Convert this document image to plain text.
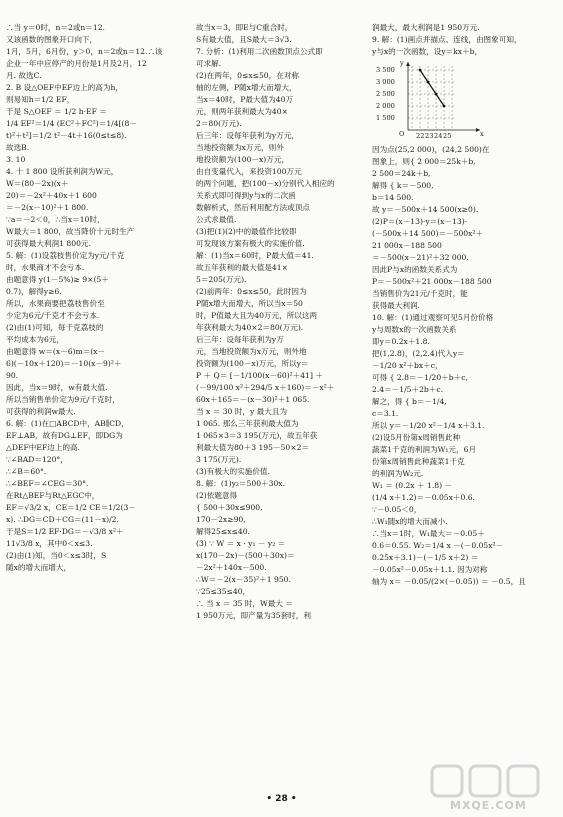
∴当 y＝0时，n＝2或n＝12.
又该函数的图象开口向下，
1月，5月，6月份，y＞0，n＝2或n＝12.∴该
企业一年中应停产的月份是1月及2月，12
月. 故选C.
2. B 设△OEF中EF边上的高为h，
则易知h＝1/2 EF，
于是 S△OEF ＝ 1/2 h·EF ＝
1/4 EF²＝1/4 (EC²＋FC²)＝1/4[(8－
t)²＋t²]＝1/2 t²－4t＋16(0≤t≤8).
故选B.
3. 10
4. 十 1 800 设所获利润为W元，
W＝(80－2x)(x＋
20)＝－2x²＋40x＋1 600
＝－2(x－10)²＋1 800.
∵a＝－2＜0，∴当x＝10时，
W最大＝1 800，故当降价十元时生产
可获得最大利润1 800元.
5. 解：(1)设荔枝售价定为y元/千克
时，水果商才不会亏本.
由题意得 y(1－5%)≥ 9×(5＋
0.7)，解得y≥6.
所以，水果商要把荔枝售价至
少定为6元/千克才不会亏本.
(2)由(1)可知，每千克荔枝的
平均成本为6元，
由题意得 w＝(x－6)m＝(x－
6)(－10x＋120)＝－10(x－9)²＋
90.
因此，当x＝9时，w有最大值.
所以当销售单价定为9元/千克时，
可获得的利润w最大.
6. 解：(1)在□ABCD中，AB∥CD，
EF⊥AB，故有DG⊥EF，即DG为
△DEF中EF边上的高.
∵∠BAD＝120°，
∴∠B＝60°.
∴∠BEF＝∠CEG＝30°.
在Rt△BEF与Rt△EGC中，
EF＝√3/2 x，CE＝1/2 CE＝1/2(3－
x). ∴DG＝CD＋CG＝(11－x)/2.
于是S＝1/2 EF·DG＝－√3/8 x²＋
11√3/8 x，其中0＜x≤3.
(2)由(1)知，当0＜x≤3时，S
随x的增大而增大，
故当x＝3，即E与C重合时，
S有最大值，且S最大＝3√3.
7. 分析：(1)利用二次函数顶点公式即
可求解.
(2)在两年，0≤x≤50，在对称
轴的左侧，P随x增大而增大，
当x＝40时，P最大值为40万
元，则两年获利最大为40×
2＝80(万元).
后三年：设每年获利为y万元，
当地投资额为x万元，则外
地投资额为(100－x)万元，
由自变量代入，来投资100万元
的两个问题，把(100－x)分别代入相应的
关系式即可得到y与x的二次函
数解析式，然后利用配方法或顶点
公式求最值.
(3)把(1)(2)中的最值作比较即
可发现该方案有极大的实施价值.
解：(1)当x＝60时，P最大值＝41.
故五年获利的最大值是41×
5＝205(万元).
(2)前两年：0≤x≤50，此时因为
P随x增大而增大，所以当x＝50
时，P值最大且为40万元，所以这两
年获利最大为40×2＝80(万元).
后三年：设每年获利为y万
元，当地投资额为x万元，则外地
投资额为(100－x)万元，所以y＝
P ＋ Q＝ [－1/100(x－60)²＋41] ＋
(－99/100 x²＋294/5 x＋160)＝－x²＋
60x＋165＝－(x－30)²＋1 065.
当 x ＝ 30 时，y 最大且为
1 065. 那么三年获利最大值为
1 065×3＝3 195(万元)，故五年获
利最大值为80＋3 195－50×2＝
3 175(万元).
(3)有极大的实施价值.
8. 解：(1)y₂＝500＋30x.
(2)依题意得
{ 500＋30x≤900,
170－2x≥90,
解得25≤x≤40.
(3) ∵ W ＝ x · y₁ － y₂ ＝
x(170－2x)－(500＋30x)＝
－2x²＋140x－500.
∴W＝－2(x－35)²＋1 950.
∵25≤35≤40，
∴ 当 x ＝ 35 时，W最大 ＝
1 950万元，即产量为35套时，利
润最大，最大利润是1 950万元.
9. 解：(1)画点并描点、连线，由图象可知，
y与x的一次函数，设y＝kx＋b，
y
3 500
3 000
2 500
2 000
1 500
O 22 23 24 25	x
因为点(25,2 000)，(24,2 500)在
图象上，则{ 2 000＝25k＋b,
2 500＝24k＋b,
解得 { k＝－500,
b＝14 500.
故 y＝－500x＋14 500(x≥0).
(2)P＝(x－13)·y＝(x－13)·
(－500x＋14 500)＝－500x²＋
21 000x－188 500
＝－500(x－21)²＋32 000.
因此P与x的函数关系式为
P＝－500x²＋21 000x－188 500
当销售价为21元/千克时，能
获得最大利润.
10. 解：(1)通过观察可见5月份价格
y与周数x的一次函数关系
即y＝0.2x＋1.8.
把(1,2.8)，(2,2.4)代入y＝
－1/20 x²＋bx＋c，
可得 { 2.8＝－1/20＋b＋c,
2.4＝－1/5＋2b＋c.
解之，得 { b＝－1/4,
c＝3.1.
所以 y＝－1/20 x²－1/4 x＋3.1.
(2)设5月份第x周销售此种
蔬菜1千克的利润为W₁元，6月
份第x周销售此种蔬菜1千克
的利润为W₂元.
W₁ ＝ (0.2x ＋ 1.8) －
(1/4 x＋1.2)＝－0.05x＋0.6.
∵－0.05＜0，
∴W₁随x的增大而减小.
∴当x＝1时，W₁最大＝－0.05＋
0.6＝0.55. W₂＝1/4 x －(－0.05x²－
0.25x＋3.1)－(－1/5 x＋2) ＝
－0.05x²－0.05x＋1.1. 因为对称
轴为 x＝ －0.05/(2×(－0.05)) ＝ －0.5，且
• 28 •	MXQE.COM
